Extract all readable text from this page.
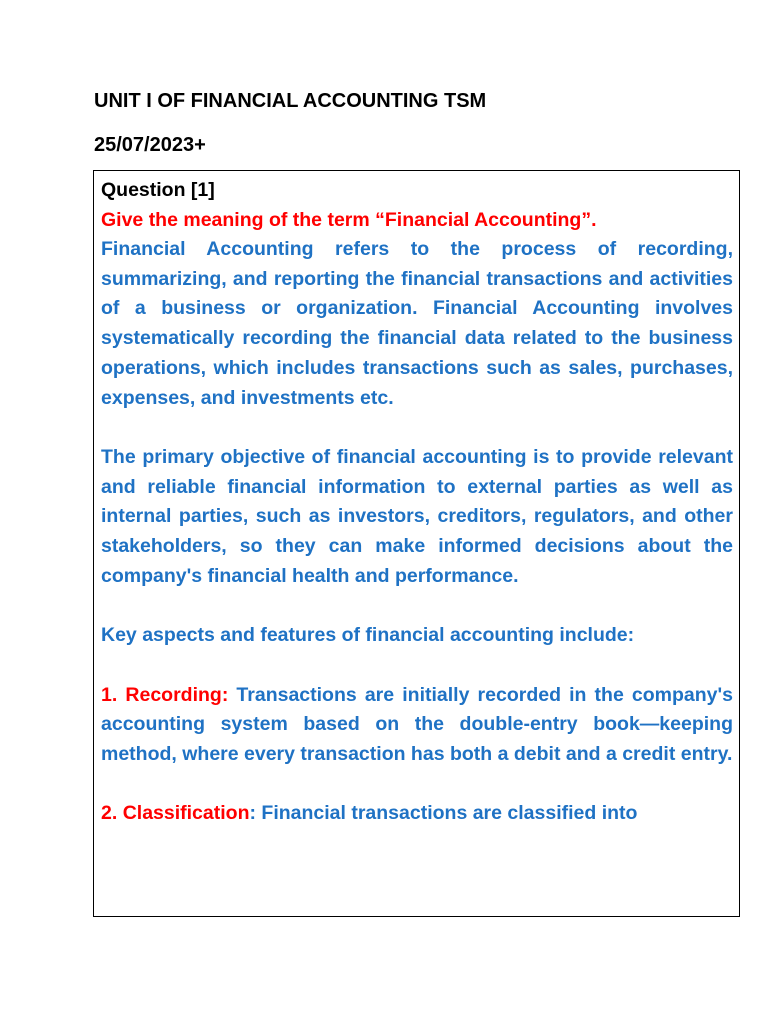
UNIT I OF FINANCIAL ACCOUNTING TSM
25/07/2023+

Question [1]

Give the meaning of the term “Financial Accounting”.

Financial Accounting refers to the process of recording, summarizing, and reporting the financial transactions and activities of a business or organization. Financial Accounting involves systematically recording the financial data related to the business operations, which includes transactions such as sales, purchases, expenses, and investments etc.

The primary objective of financial accounting is to provide relevant and reliable financial information to external parties as well as internal parties, such as investors, creditors, regulators, and other stakeholders, so they can make informed decisions about the company's financial health and performance.

Key aspects and features of financial accounting include:

1. Recording: Transactions are initially recorded in the company's accounting system based on the double-entry book—keeping method, where every transaction has both a debit and a credit entry.

2. Classification: Financial transactions are classified into
